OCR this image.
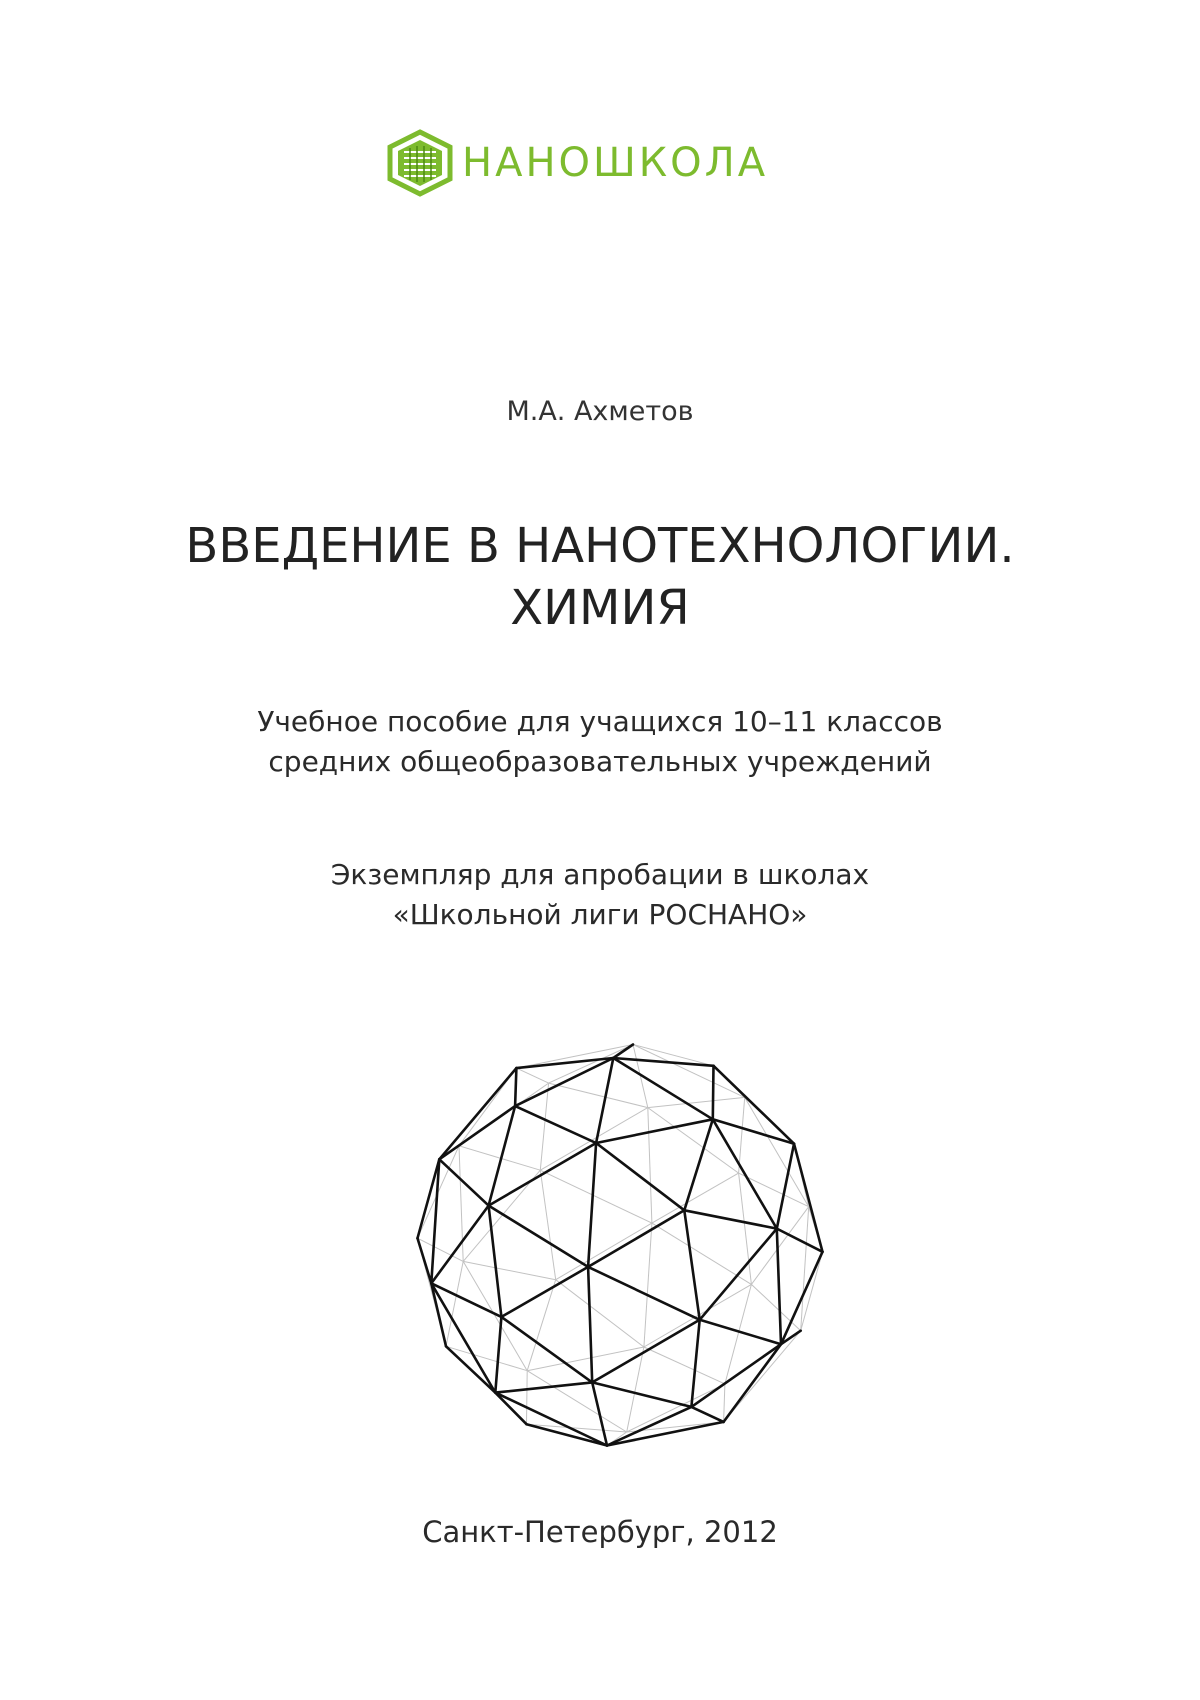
НАНОШКОЛА

М.А. Ахметов

ВВЕДЕНИЕ В НАНОТЕХНОЛОГИИ.
ХИМИЯ

Учебное пособие для учащихся 10–11 классов
средних общеобразовательных учреждений

Экземпляр для апробации в школах
«Школьной лиги РОСНАНО»

Санкт-Петербург, 2012
